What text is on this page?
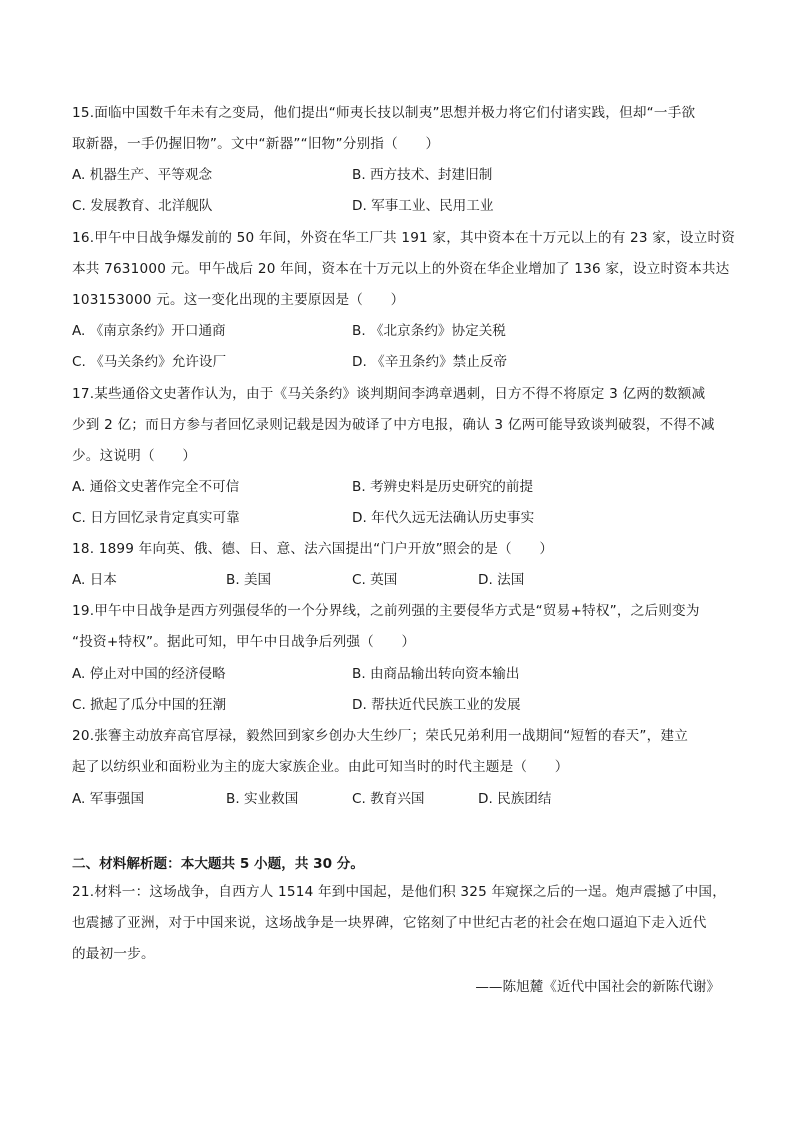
15.面临中国数千年未有之变局，他们提出“师夷长技以制夷”思想并极力将它们付诸实践，但却“一手欲
取新器，一手仍握旧物”。文中“新器”“旧物”分别指（　　）
A. 机器生产、平等观念	B. 西方技术、封建旧制
C. 发展教育、北洋舰队	D. 军事工业、民用工业
16.甲午中日战争爆发前的 50 年间，外资在华工厂共 191 家，其中资本在十万元以上的有 23 家，设立时资
本共 7631000 元。甲午战后 20 年间，资本在十万元以上的外资在华企业增加了 136 家，设立时资本共达
103153000 元。这一变化出现的主要原因是（　　）
A. 《南京条约》开口通商	B. 《北京条约》协定关税
C. 《马关条约》允许设厂	D. 《辛丑条约》禁止反帝
17.某些通俗文史著作认为，由于《马关条约》谈判期间李鸿章遇刺，日方不得不将原定 3 亿两的数额减
少到 2 亿；而日方参与者回忆录则记载是因为破译了中方电报，确认 3 亿两可能导致谈判破裂，不得不减
少。这说明（　　）
A. 通俗文史著作完全不可信	B. 考辨史料是历史研究的前提
C. 日方回忆录肯定真实可靠	D. 年代久远无法确认历史事实
18. 1899 年向英、俄、德、日、意、法六国提出“门户开放”照会的是（　　）
A. 日本	B. 美国	C. 英国	D. 法国
19.甲午中日战争是西方列强侵华的一个分界线，之前列强的主要侵华方式是“贸易+特权”，之后则变为
“投资+特权”。据此可知，甲午中日战争后列强（　　）
A. 停止对中国的经济侵略	B. 由商品输出转向资本输出
C. 掀起了瓜分中国的狂潮	D. 帮扶近代民族工业的发展
20.张謇主动放弃高官厚禄，毅然回到家乡创办大生纱厂；荣氏兄弟利用一战期间“短暂的春天”，建立
起了以纺织业和面粉业为主的庞大家族企业。由此可知当时的时代主题是（　　）
A. 军事强国	B. 实业救国	C. 教育兴国	D. 民族团结
二、材料解析题：本大题共 5 小题，共 30 分。
21.材料一：这场战争，自西方人 1514 年到中国起，是他们积 325 年窥探之后的一逞。炮声震撼了中国，
也震撼了亚洲，对于中国来说，这场战争是一块界碑，它铭刻了中世纪古老的社会在炮口逼迫下走入近代
的最初一步。
——陈旭麓《近代中国社会的新陈代谢》
